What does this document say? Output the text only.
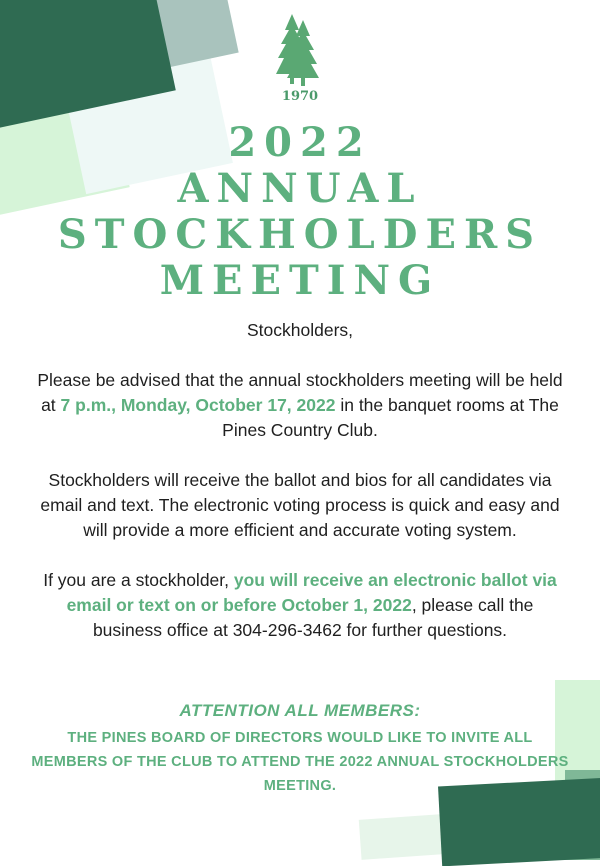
1970
2022
ANNUAL
STOCKHOLDERS
MEETING

Stockholders,

Please be advised that the annual stockholders meeting will be held at 7 p.m., Monday, October 17, 2022 in the banquet rooms at The Pines Country Club.

Stockholders will receive the ballot and bios for all candidates via email and text. The electronic voting process is quick and easy and will provide a more efficient and accurate voting system.

If you are a stockholder, you will receive an electronic ballot via email or text on or before October 1, 2022, please call the business office at 304-296-3462 for further questions.

ATTENTION ALL MEMBERS:
THE PINES BOARD OF DIRECTORS WOULD LIKE TO INVITE ALL MEMBERS OF THE CLUB TO ATTEND THE 2022 ANNUAL STOCKHOLDERS MEETING.
